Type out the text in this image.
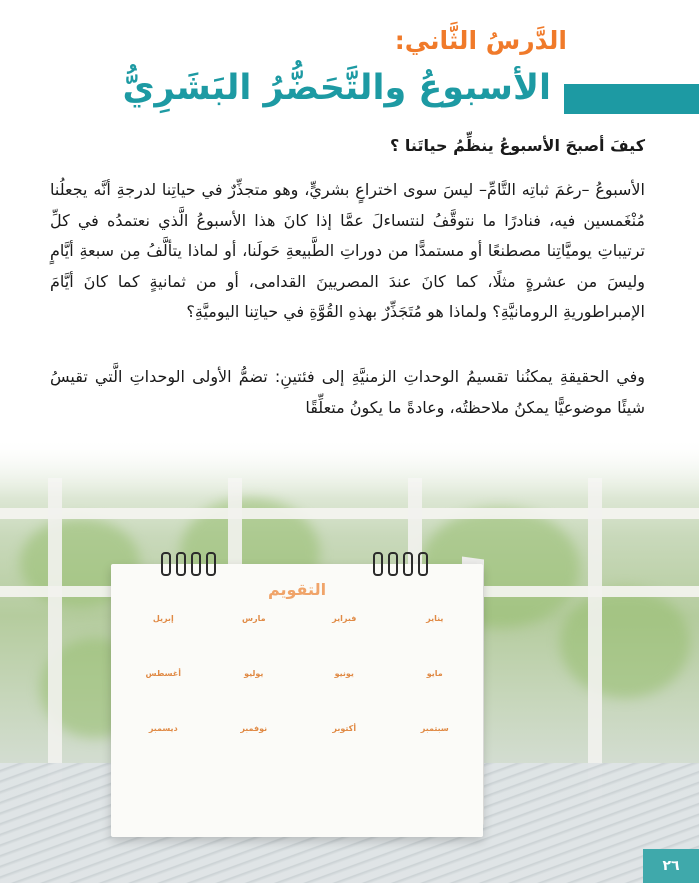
الدَّرسُ الثَّاني:
الأسبوعُ والتَّحَضُّرُ البَشَرِيُّ
كيفَ أصبحَ الأسبوعُ ينظِّمُ حياتَنا ؟

الأسبوعُ –رغمَ ثباتِه التَّامِّ– ليسَ سوى اختراعٍ بشريٍّ، وهو متجذِّرٌ في حياتِنا لدرجةِ أنَّه يجعلُنا مُنْغَمسين فيه، فنادرًا ما نتوقَّفُ لنتساءلَ عمَّا إذا كانَ هذا الأسبوعُ الَّذي نعتمدُه في كلِّ ترتيباتِ يوميَّاتِنا مصطنعًا أو مستمدًّا من دوراتِ الطَّبيعةِ حَولَنا، أو لماذا يتألَّفُ مِن سبعةِ أيَّامٍ وليسَ من عشرةٍ مثلًا، كما كانَ عندَ المصريينَ القدامى، أو من ثمانيةٍ كما كانَ أيَّامَ الإمبراطوريةِ الرومانيَّةِ؟ ولماذا هو مُتَجَذِّرٌ بهذهِ القُوَّةِ في حياتِنا اليوميَّةِ؟

وفي الحقيقةِ يمكنُنا تقسيمُ الوحداتِ الزمنيَّةِ إلى فئتينِ: تضمُّ الأولى الوحداتِ الَّتي تقيسُ شيئًا موضوعيًّا يمكنُ ملاحظتُه، وعادةً ما يكونُ متعلِّقًا

التقويم
يناير
فبراير
مارس
إبريل
مايو
يونيو
يوليو
أغسطس
سبتمبر
أكتوبر
نوفمبر
ديسمبر
٢٦
